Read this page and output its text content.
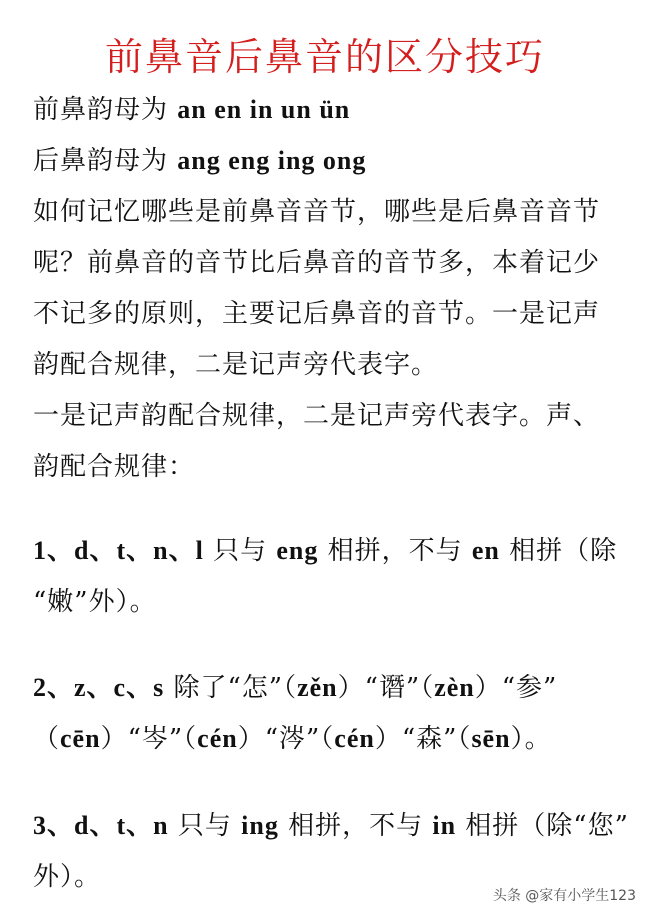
前鼻音后鼻音的区分技巧
前鼻韵母为 an en in un ün
后鼻韵母为 ang eng ing ong
如何记忆哪些是前鼻音音节，哪些是后鼻音音节
呢？前鼻音的音节比后鼻音的音节多，本着记少
不记多的原则，主要记后鼻音的音节。一是记声
韵配合规律，二是记声旁代表字。
一是记声韵配合规律，二是记声旁代表字。声、
韵配合规律：
1、d、t、n、l 只与 eng 相拼，不与 en 相拼（除
“嫩”外）。
2、z、c、s 除了“怎”（zěn）“谮”（zèn）“参”
（cēn）“岑”（cén）“涔”（cén）“森”（sēn）。
3、d、t、n 只与 ing 相拼，不与 in 相拼（除“您”
外）。
头条 @家有小学生123
